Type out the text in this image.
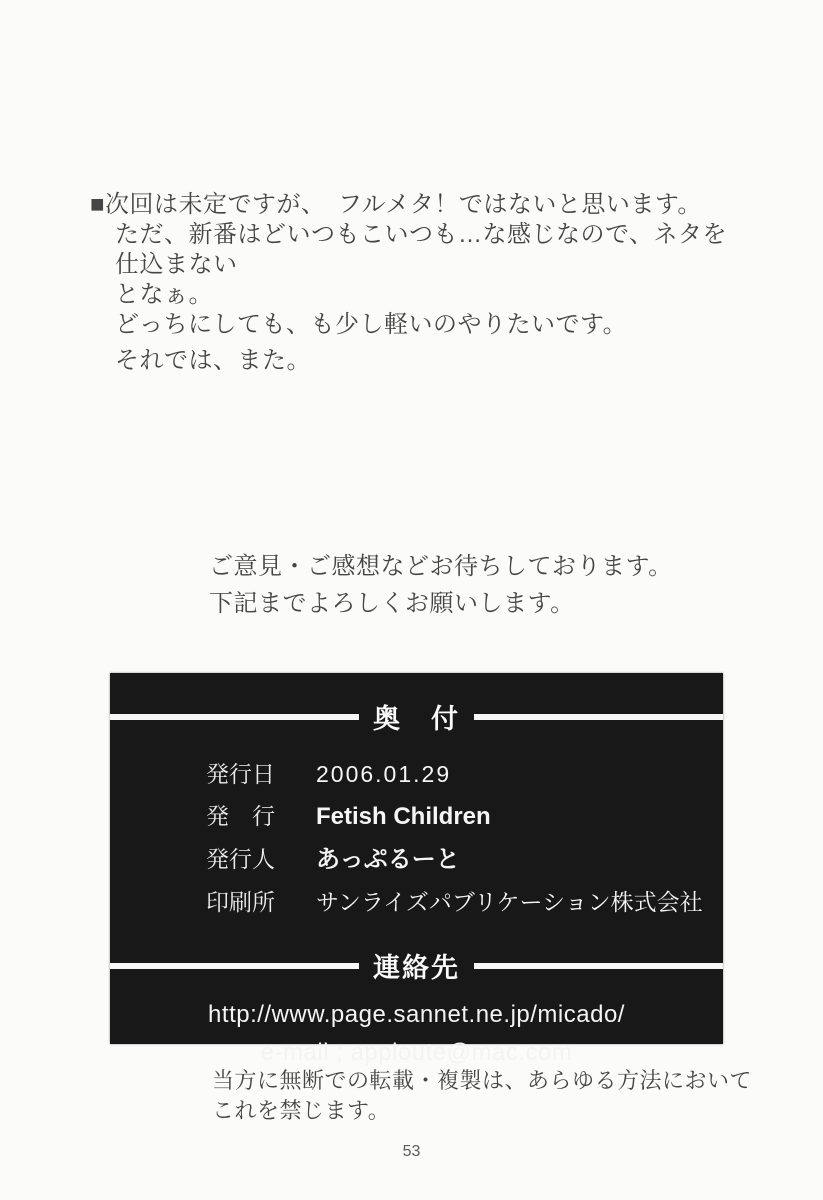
■次回は未定ですが、　フルメタ！ではないと思います。
ただ、新番はどいつもこいつも…な感じなので、ネタを仕込まない
となぁ。
どっちにしても、も少し軽いのやりたいです。
それでは、また。
ご意見・ご感想などお待ちしております。
下記までよろしくお願いします。
奥　付
発行日	2006.01.29
発　行 Fetish Children
発行人 あっぷるーと
印刷所	サンライズパブリケーション株式会社
連絡先
http://www.page.sannet.ne.jp/micado/
e-mail ; apploute@mac.com
当方に無断での転載・複製は、あらゆる方法において
これを禁じます。
53
